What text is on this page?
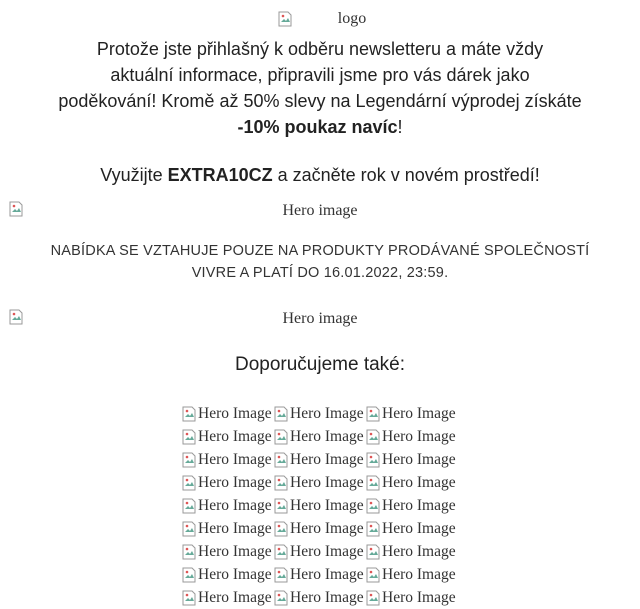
logo
Protože jste přihlašný k odběru newsletteru a máte vždy
aktuální informace, připravili jsme pro vás dárek jako
poděkování! Kromě až 50% slevy na Legendární výprodej získáte
-10% poukaz navíc!
Využijte EXTRA10CZ a začněte rok v novém prostředí!
Hero image
NABÍDKA SE VZTAHUJE POUZE NA PRODUKTY PRODÁVANÉ SPOLEČNOSTÍ
VIVRE A PLATÍ DO 16.01.2022, 23:59.
Hero image
Doporučujeme také:
Hero Image Hero Image Hero Image
Hero Image Hero Image Hero Image
Hero Image Hero Image Hero Image
Hero Image Hero Image Hero Image
Hero Image Hero Image Hero Image
Hero Image Hero Image Hero Image
Hero Image Hero Image Hero Image
Hero Image Hero Image Hero Image
Hero Image Hero Image Hero Image
